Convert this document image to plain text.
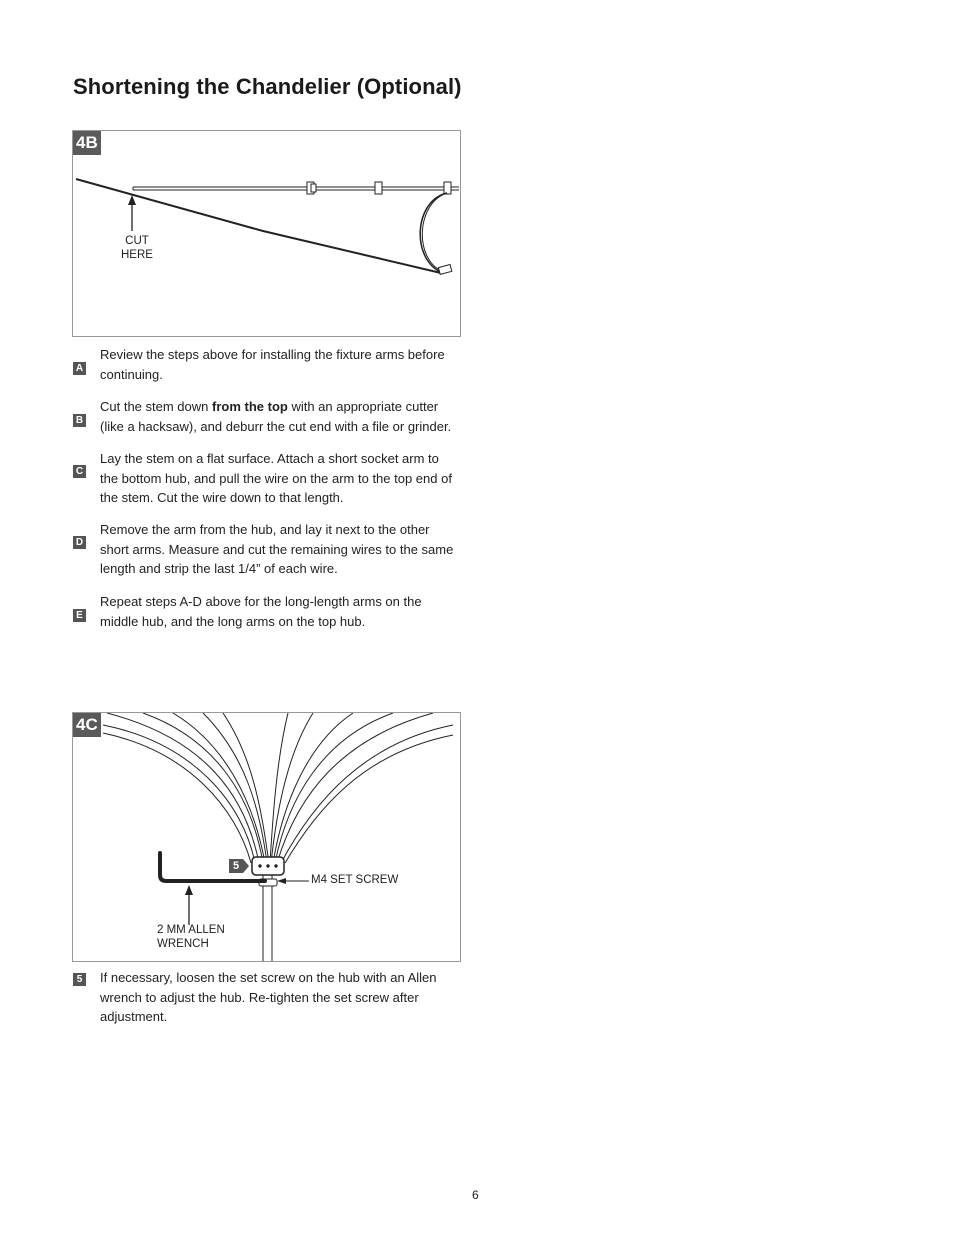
Shortening the Chandelier (Optional)
4B
CUT
HERE
A
Review the steps above for installing the fixture arms before continuing.
B
Cut the stem down from the top with an appropriate cutter (like a hacksaw), and deburr the cut end with a file or grinder.
C
Lay the stem on a flat surface. Attach a short socket arm to the bottom hub, and pull the wire on the arm to the top end of the stem. Cut the wire down to that length.
D
Remove the arm from the hub, and lay it next to the other short arms. Measure and cut the remaining wires to the same length and strip the last 1/4” of each wire.
E
Repeat steps A-D above for the long-length arms on the middle hub, and the long arms on the top hub.
4C
5
M4 SET SCREW
2 MM ALLEN
WRENCH
5 If necessary, loosen the set screw on the hub with an Allen wrench to adjust the hub. Re-tighten the set screw after adjustment.
6
